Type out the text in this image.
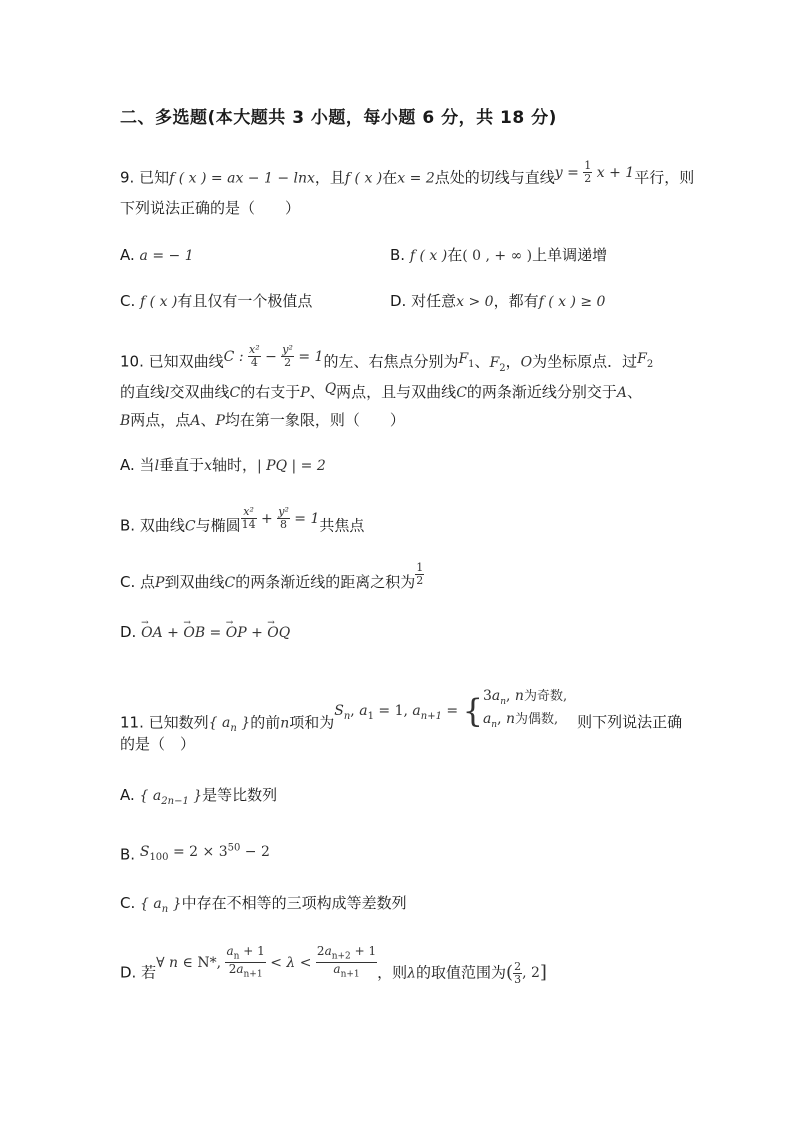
二、多选题(本大题共 3 小题，每小题 6 分，共 18 分)
9. 已知f ( x ) = ax − 1 − lnx，且f ( x )在x = 2点处的切线与直线$y = \frac{1}{2}$ x + 1平行，则
下列说法正确的是（　　）
A. a = − 1	B. f ( x )在( 0 , + ∞ )上单调递增
C. f ( x )有且仅有一个极值点	D. 对任意x > 0，都有f ( x ) ≥ 0
10. 已知双曲线C : $\frac{\text{x²}}{4} - \frac{\text{y²}}{2} = 1$的左、右焦点分别为$F_1$、$F_2$，O为坐标原点．过$F_2$
的直线l交双曲线C的右支于P、Q两点，且与双曲线C的两条渐近线分别交于A、
B两点，点A、P均在第一象限，则（　　）
A. 当l垂直于x轴时，| PQ | = 2
B. 双曲线C与椭圆 $\frac{\text{x²}}{14} + \frac{\text{y²}}{8} = 1$共焦点
C. 点P到双曲线C的两条渐近线的距离之积为 $\frac{1}{2}$
D. → OA + → OB = → OP + → OQ
11. 已知数列{ $a_n$ }的前n项和为$S_n$, $a_1 = 1$, $a_{n+1} = \{3a_n$, n为奇数,
$a_n$, n为偶数, 则下列说法正确
的是（　）
A. { $a_{2n-1}$ }是等比数列
B. $S_{100} = 2 \times 3^{50} - 2$
C. { $a_n$ }中存在不相等的三项构成等差数列
D. 若∀ n ∈ N*, $\frac{a_n + 1}{2a_{n+1}} < \lambda < \frac{2a_{n+2} + 1}{a_{n+1}}$ ，则λ的取值范围为( $\frac{2}{3}$ , 2]
